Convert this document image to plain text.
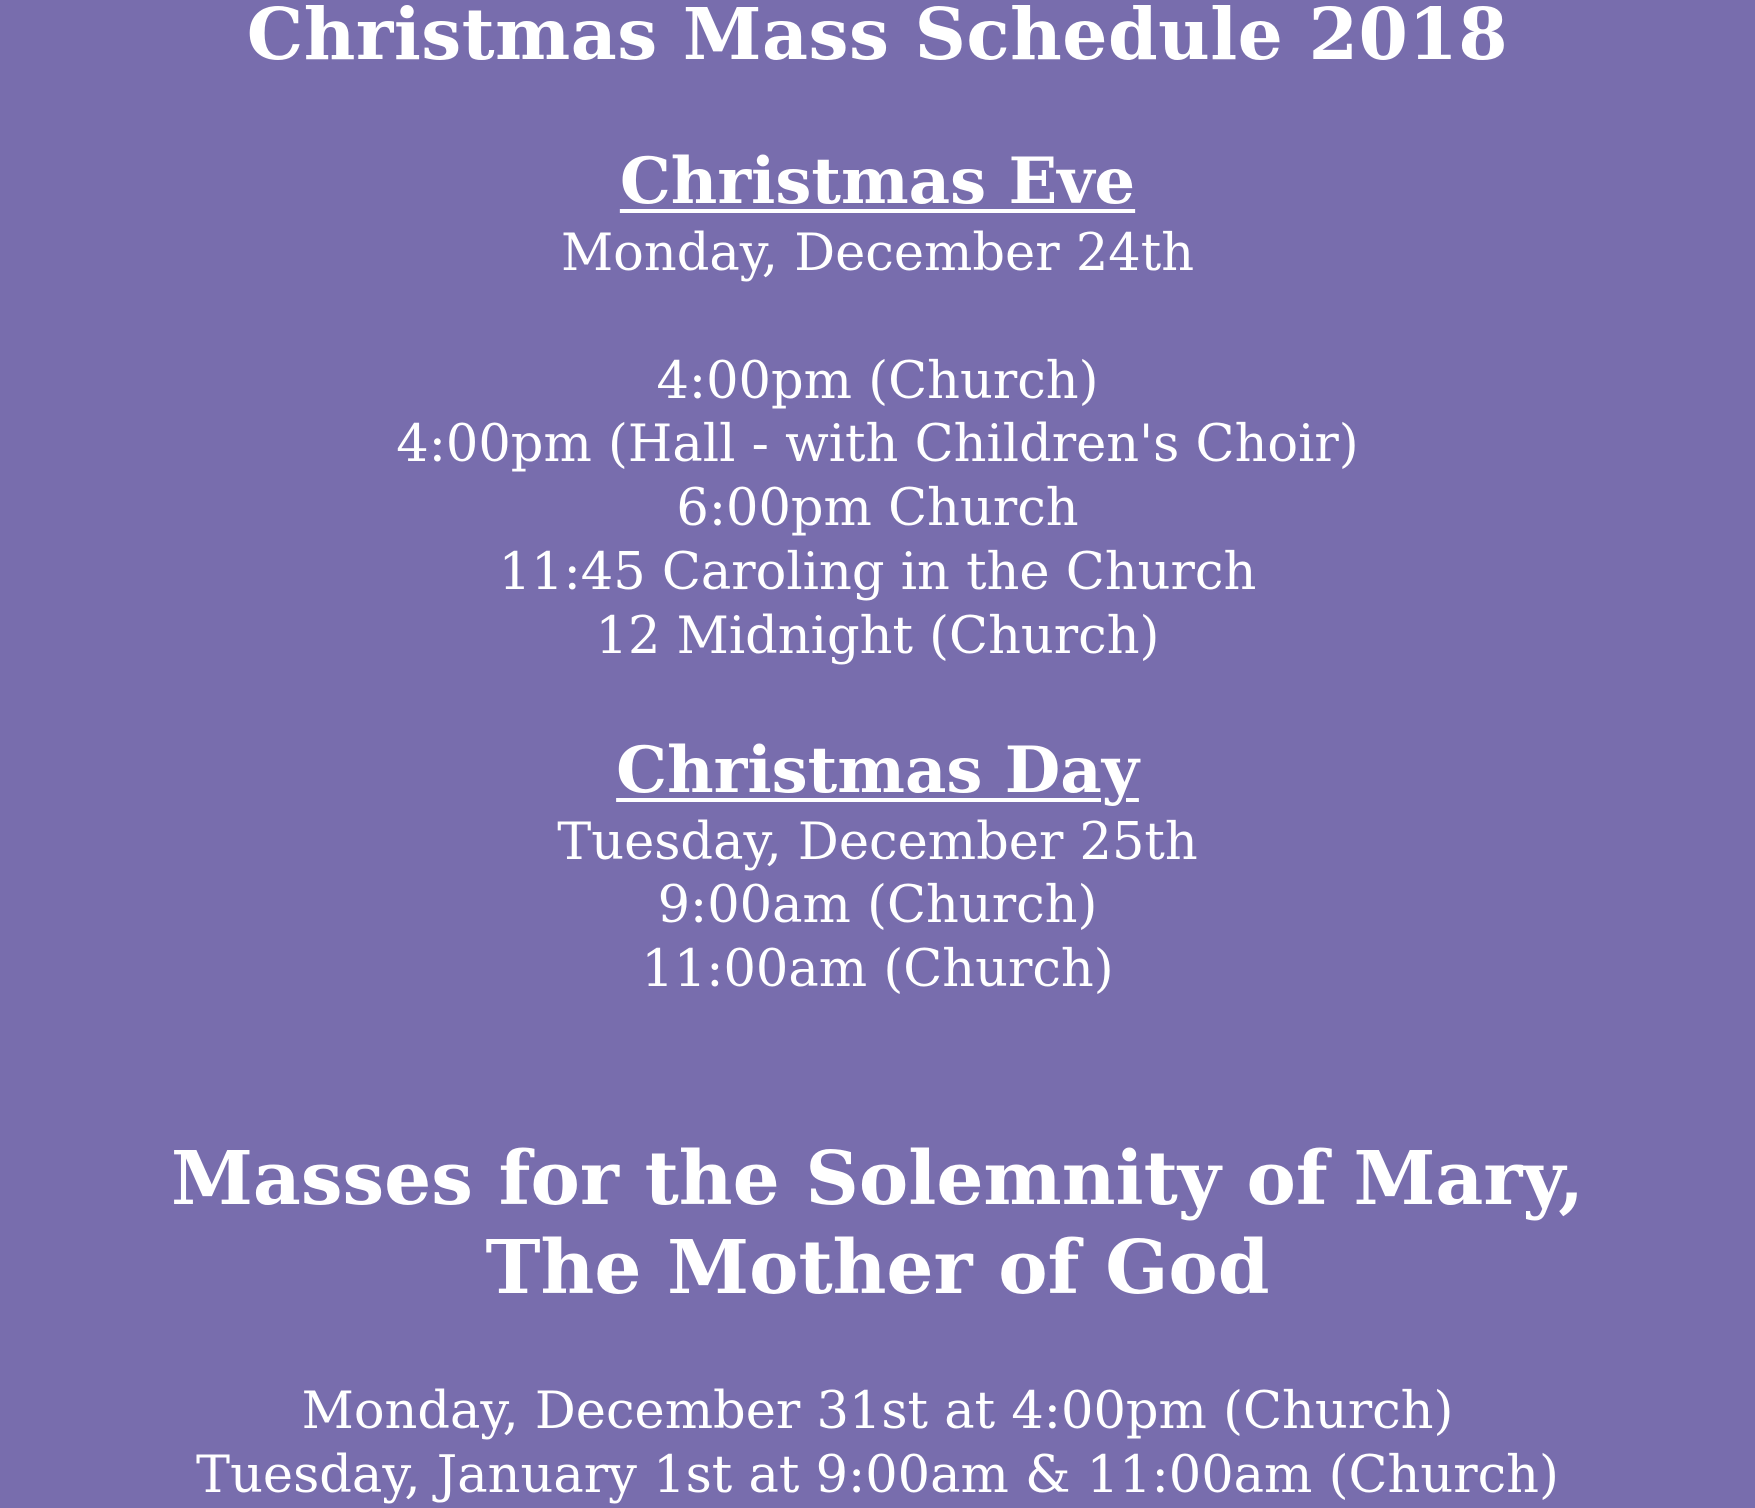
Christmas Mass Schedule 2018
Christmas Eve
Monday, December 24th
4:00pm (Church)
4:00pm (Hall - with Children's Choir)
6:00pm Church
11:45 Caroling in the Church
12 Midnight (Church)
Christmas Day
Tuesday, December 25th
9:00am (Church)
11:00am (Church)
Masses for the Solemnity of Mary,
The Mother of God
Monday, December 31st at 4:00pm (Church)
Tuesday, January 1st at 9:00am & 11:00am (Church)
